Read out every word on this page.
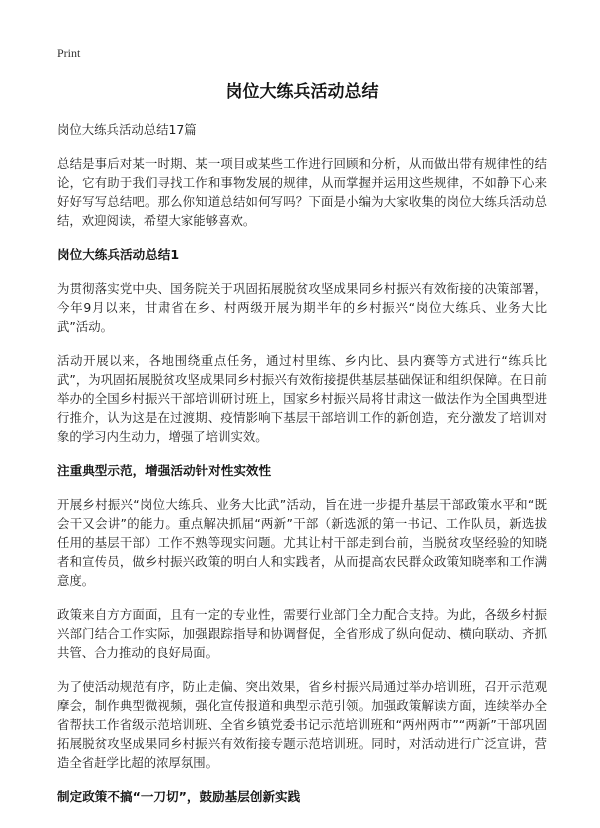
Print
岗位大练兵活动总结

岗位大练兵活动总结17篇

总结是事后对某一时期、某一项目或某些工作进行回顾和分析，从而做出带有规律性的结论，它有助于我们寻找工作和事物发展的规律，从而掌握并运用这些规律，不如静下心来好好写写总结吧。那么你知道总结如何写吗？下面是小编为大家收集的岗位大练兵活动总结，欢迎阅读，希望大家能够喜欢。

岗位大练兵活动总结1

为贯彻落实党中央、国务院关于巩固拓展脱贫攻坚成果同乡村振兴有效衔接的决策部署，今年9月以来，甘肃省在乡、村两级开展为期半年的乡村振兴“岗位大练兵、业务大比武”活动。

活动开展以来，各地围绕重点任务，通过村里练、乡内比、县内赛等方式进行“练兵比武”，为巩固拓展脱贫攻坚成果同乡村振兴有效衔接提供基层基础保证和组织保障。在日前举办的全国乡村振兴干部培训研讨班上，国家乡村振兴局将甘肃这一做法作为全国典型进行推介，认为这是在过渡期、疫情影响下基层干部培训工作的新创造，充分激发了培训对象的学习内生动力，增强了培训实效。

注重典型示范，增强活动针对性实效性

开展乡村振兴“岗位大练兵、业务大比武”活动，旨在进一步提升基层干部政策水平和“既会干又会讲”的能力。重点解决抓届“两新”干部（新选派的第一书记、工作队员，新选拔任用的基层干部）工作不熟等现实问题。尤其让村干部走到台前，当脱贫攻坚经验的知晓者和宣传员，做乡村振兴政策的明白人和实践者，从而提高农民群众政策知晓率和工作满意度。

政策来自方方面面，且有一定的专业性，需要行业部门全力配合支持。为此，各级乡村振兴部门结合工作实际，加强跟踪指导和协调督促，全省形成了纵向促动、横向联动、齐抓共管、合力推动的良好局面。

为了使活动规范有序，防止走偏、突出效果，省乡村振兴局通过举办培训班，召开示范观摩会，制作典型微视频，强化宣传报道和典型示范引领。加强政策解读方面，连续举办全省帮扶工作省级示范培训班、全省乡镇党委书记示范培训班和“两州两市”“两新”干部巩固拓展脱贫攻坚成果同乡村振兴有效衔接专题示范培训班。同时，对活动进行广泛宣讲，营造全省赶学比超的浓厚氛围。

制定政策不搞“一刀切”，鼓励基层创新实践
